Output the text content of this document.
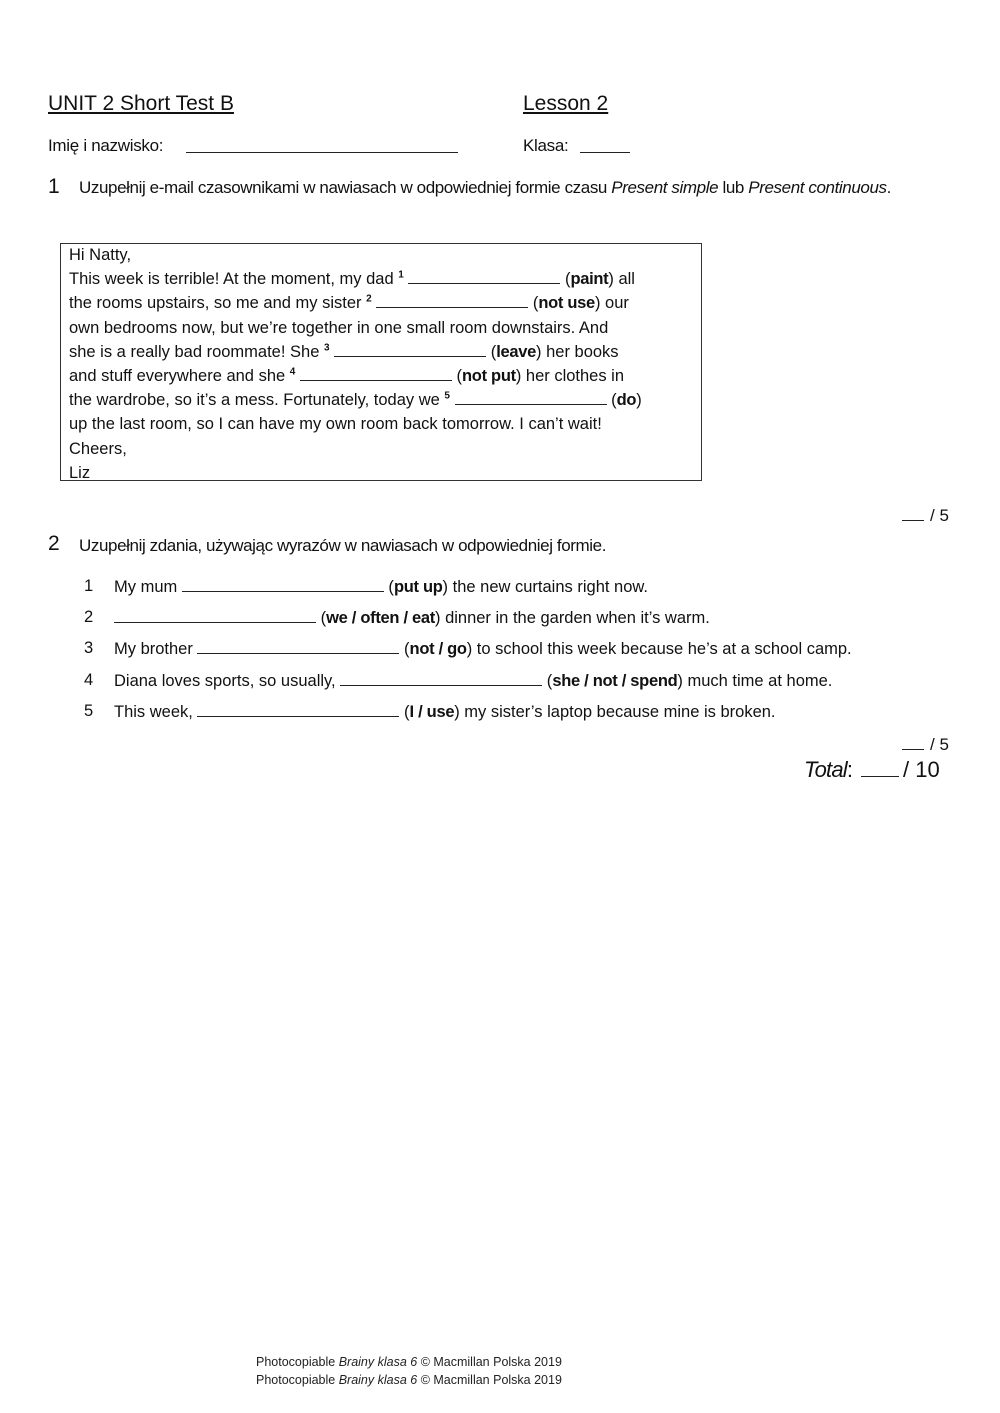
UNIT 2 Short Test B	Lesson 2
Imię i nazwisko:	Klasa:
1 Uzupełnij e-mail czasownikami w nawiasach w odpowiedniej formie czasu Present simple lub Present continuous.
Hi Natty,
This week is terrible! At the moment, my dad $^1$	(paint) all
the rooms upstairs, so me and my sister $^2$	(not use) our
own bedrooms now, but we’re together in one small room downstairs. And
she is a really bad roommate! She $^3$	(leave) her books
and stuff everywhere and she $^4$	(not put) her clothes in
the wardrobe, so it’s a mess. Fortunately, today we $^5$	(do)
up the last room, so I can have my own room back tomorrow. I can’t wait!
Cheers,
Liz
/ 5
2 Uzupełnij zdania, używając wyrazów w nawiasach w odpowiedniej formie.
1 My mum	(put up) the new curtains right now.
2	(we / often / eat) dinner in the garden when it’s warm.
3 My brother	(not / go) to school this week because he’s at a school camp.
4 Diana loves sports, so usually,	(she / not / spend) much time at home.
5 This week,	(I / use) my sister’s laptop because mine is broken.
/ 5
Total: / 10
Photocopiable Brainy klasa 6 © Macmillan Polska 2019
Photocopiable Brainy klasa 6 © Macmillan Polska 2019
